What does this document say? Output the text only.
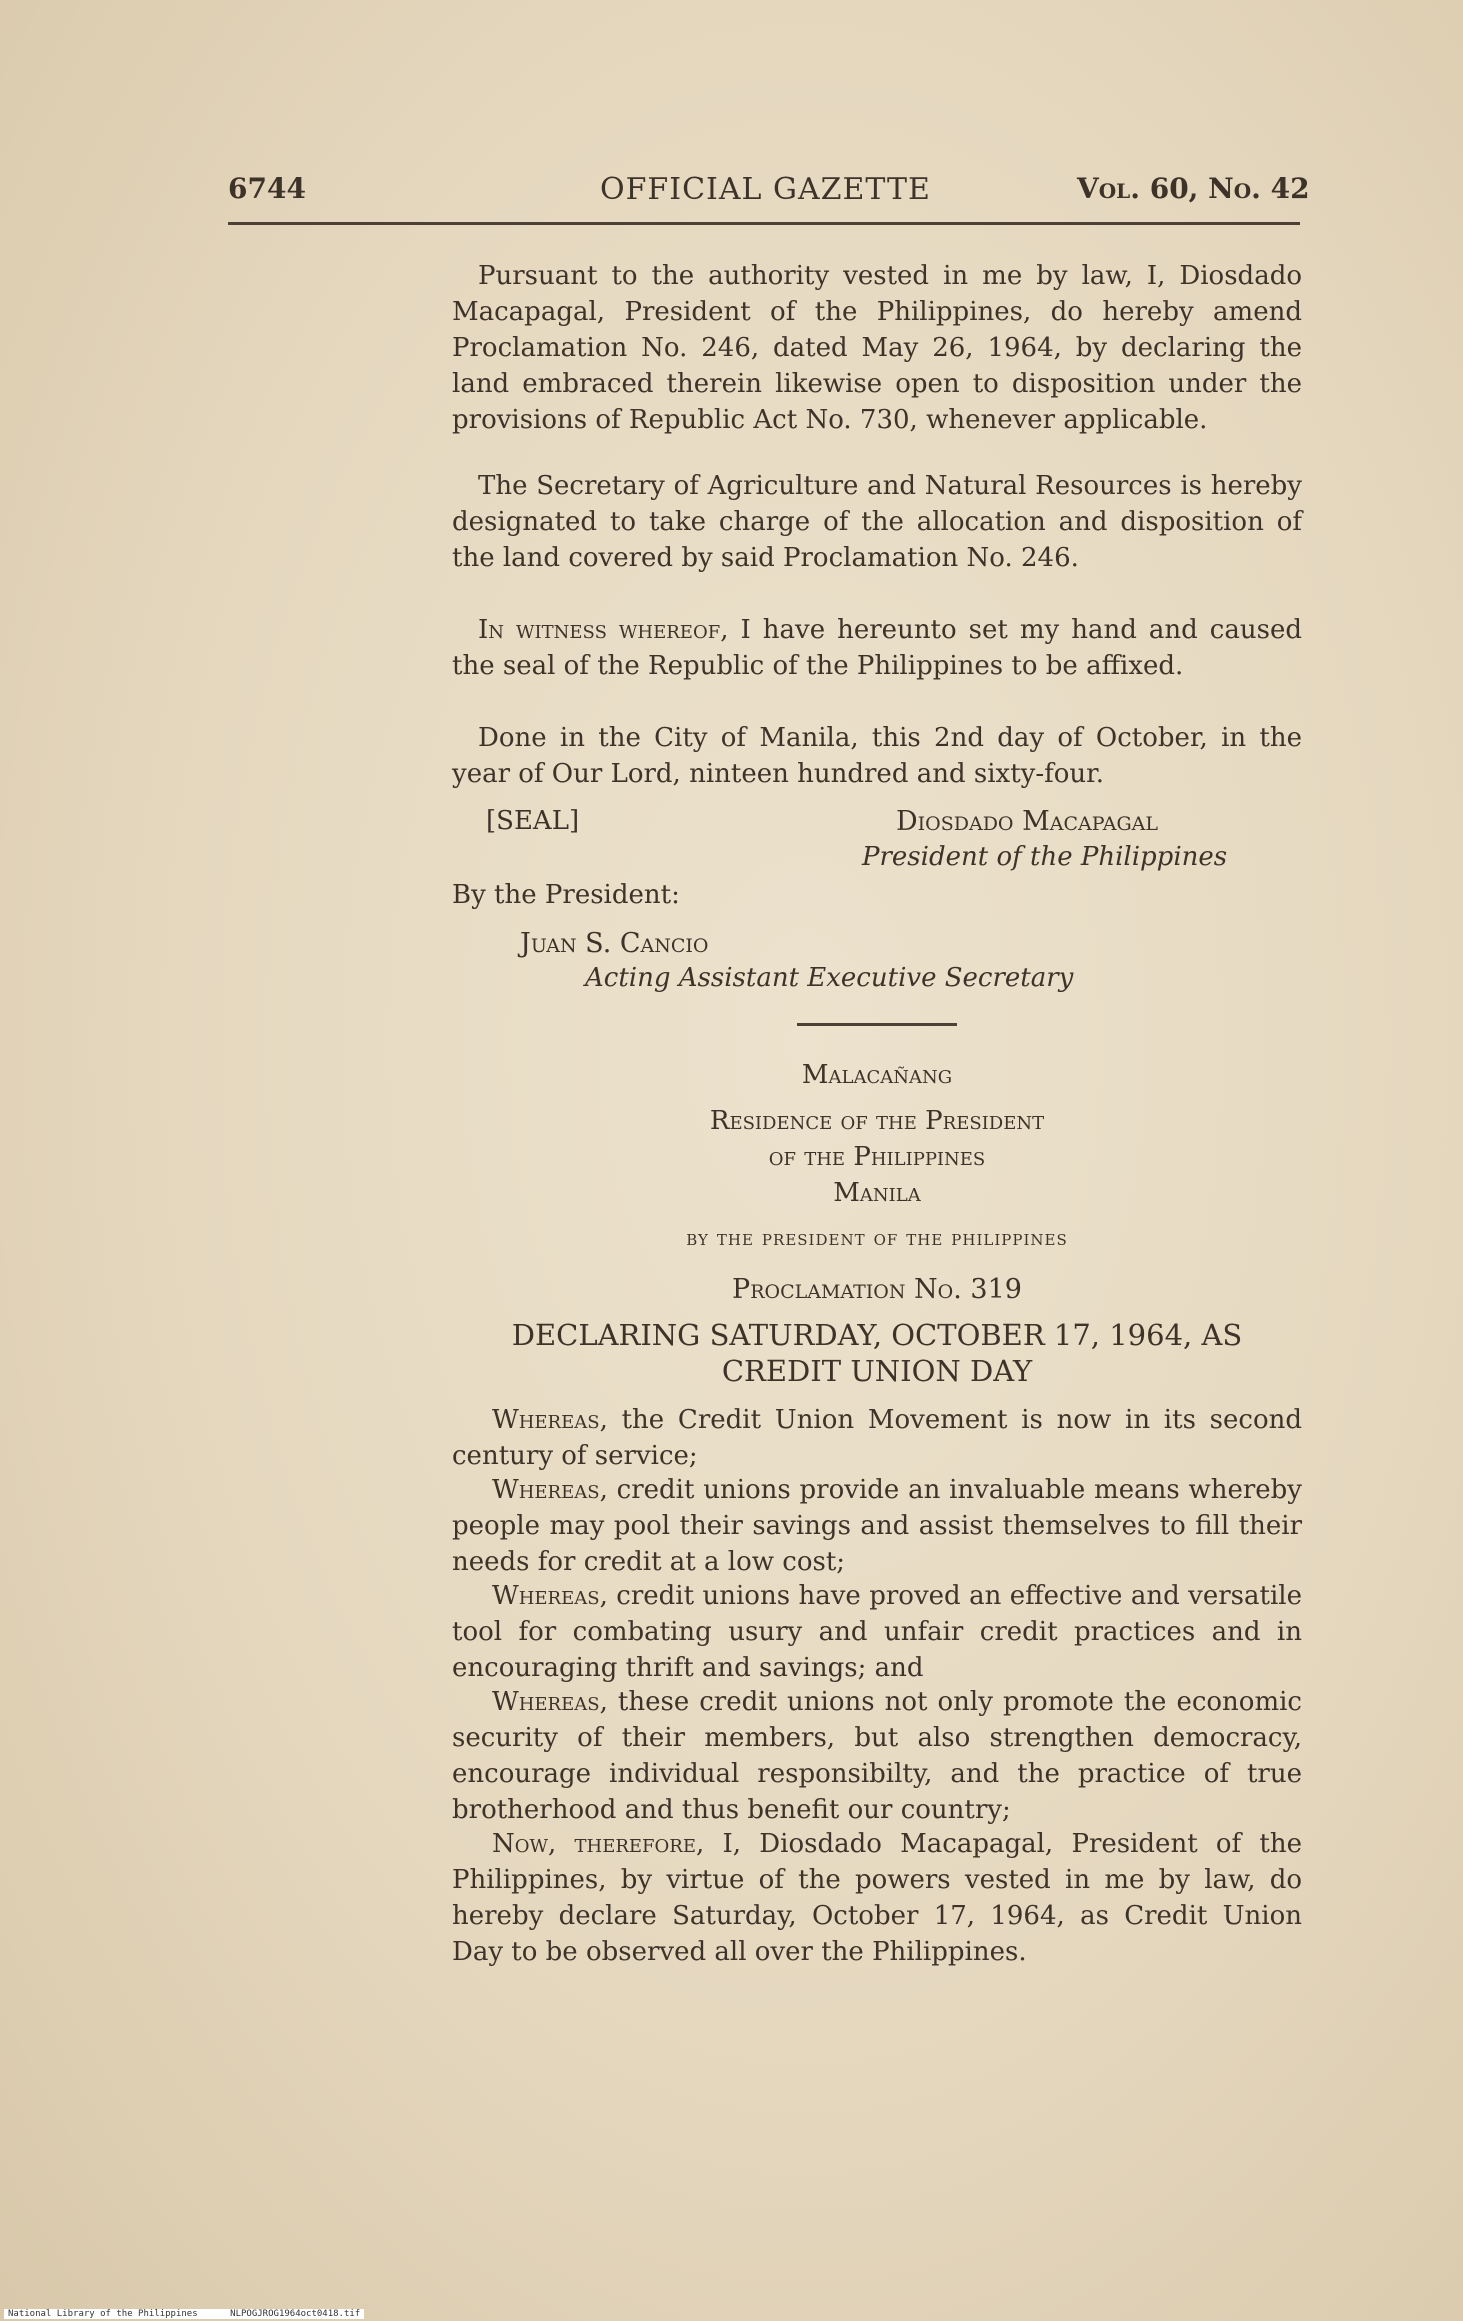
6744	OFFICIAL GAZETTE	Vol. 60, No. 42
Pursuant to the authority vested in me by law, I, Diosdado Macapagal, President of the Philippines, do hereby amend Proclamation No. 246, dated May 26, 1964, by declaring the land embraced therein likewise open to disposition under the provisions of Republic Act No. 730, whenever applicable.
The Secretary of Agriculture and Natural Resources is hereby designated to take charge of the allocation and disposition of the land covered by said Proclamation No. 246.
In witness whereof, I have hereunto set my hand and caused the seal of the Republic of the Philippines to be affixed.
Done in the City of Manila, this 2nd day of October, in the year of Our Lord, ninteen hundred and sixty-four.
[SEAL]	Diosdado Macapagal
President of the Philippines
By the President:
Juan S. Cancio
Acting Assistant Executive Secretary
Malacañang
Residence of the President
of the Philippines
Manila
by the president of the philippines
Proclamation No. 319
DECLARING SATURDAY, OCTOBER 17, 1964, AS
CREDIT UNION DAY
Whereas, the Credit Union Movement is now in its second century of service;
Whereas, credit unions provide an invaluable means whereby people may pool their savings and assist themselves to fill their needs for credit at a low cost;
Whereas, credit unions have proved an effective and versatile tool for combating usury and unfair credit practices and in encouraging thrift and savings; and
Whereas, these credit unions not only promote the economic security of their members, but also strengthen democracy, encourage individual responsibilty, and the practice of true brotherhood and thus benefit our country;
Now, therefore, I, Diosdado Macapagal, President of the Philippines, by virtue of the powers vested in me by law, do hereby declare Saturday, October 17, 1964, as Credit Union Day to be observed all over the Philippines.
National Library of the Philippines	NLPOGJROG1964oct0418.tif
